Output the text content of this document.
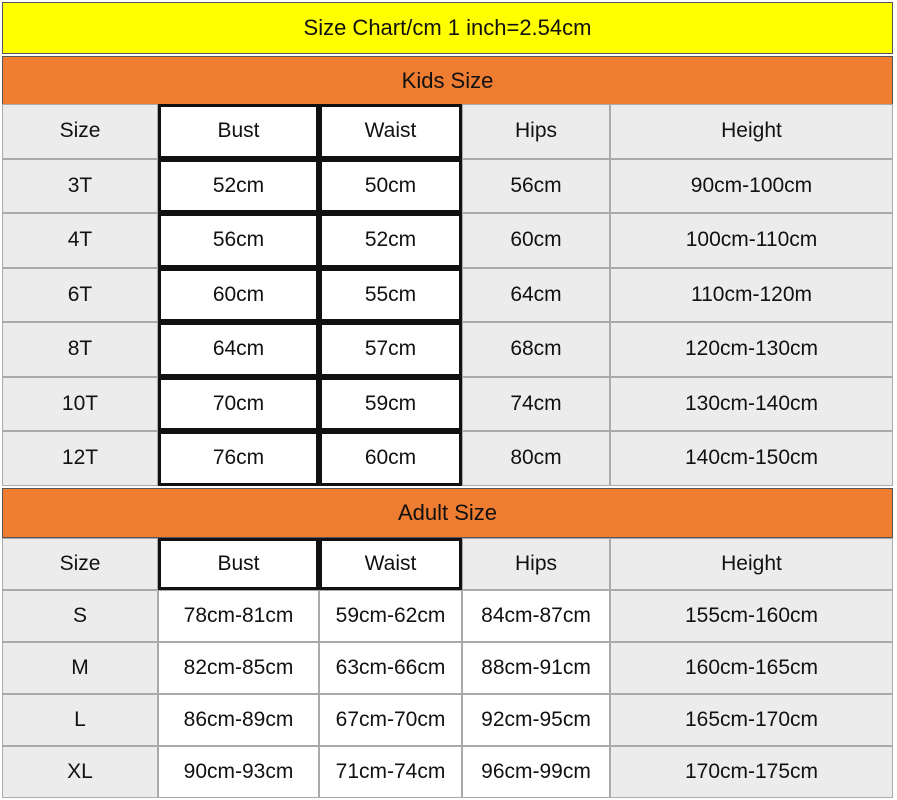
Size Chart/cm 1 inch=2.54cm
Kids Size
Size	Bust	Waist	Hips	Height
3T	52cm	50cm	56cm	90cm-100cm
4T	56cm	52cm	60cm	100cm-110cm
6T	60cm	55cm	64cm	110cm-120m
8T	64cm	57cm	68cm	120cm-130cm
10T	70cm	59cm	74cm	130cm-140cm
12T	76cm	60cm	80cm	140cm-150cm
Adult Size
Size	Bust	Waist	Hips	Height
S	78cm-81cm	59cm-62cm	84cm-87cm	155cm-160cm
M	82cm-85cm	63cm-66cm	88cm-91cm	160cm-165cm
L	86cm-89cm	67cm-70cm	92cm-95cm	165cm-170cm
XL	90cm-93cm	71cm-74cm	96cm-99cm	170cm-175cm
